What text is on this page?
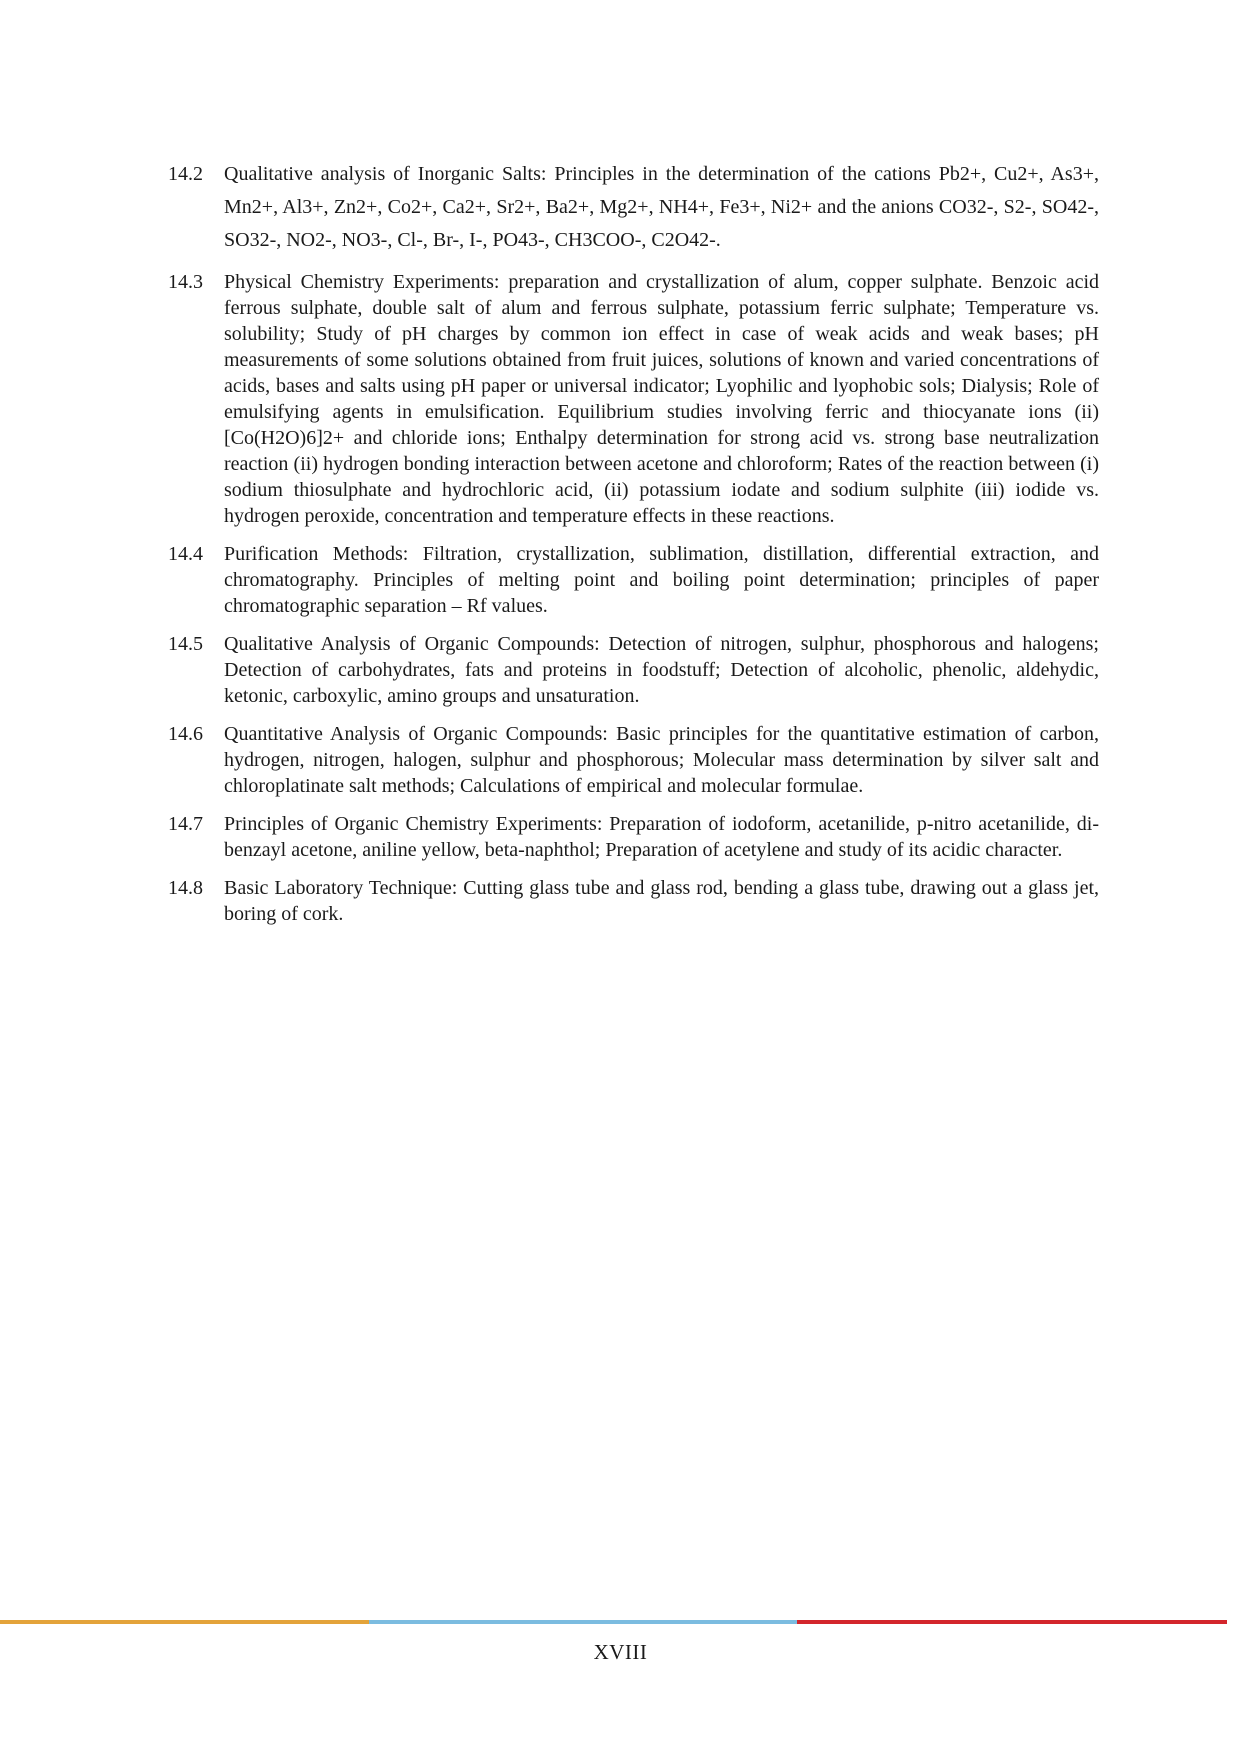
14.2	Qualitative analysis of Inorganic Salts: Principles in the determination of the cations Pb2+, Cu2+, As3+, Mn2+, Al3+, Zn2+, Co2+, Ca2+, Sr2+, Ba2+, Mg2+, NH4+, Fe3+, Ni2+ and the anions CO32-, S2-, SO42-, SO32-, NO2-, NO3-, Cl-, Br-, I-, PO43-, CH3COO-, C2O42-.
14.3	Physical Chemistry Experiments: preparation and crystallization of alum, copper sulphate. Benzoic acid ferrous sulphate, double salt of alum and ferrous sulphate, potassium ferric sulphate; Temperature vs. solubility; Study of pH charges by common ion effect in case of weak acids and weak bases; pH measurements of some solutions obtained from fruit juices, solutions of known and varied concentrations of acids, bases and salts using pH paper or universal indicator; Lyophilic and lyophobic sols; Dialysis; Role of emulsifying agents in emulsification. Equilibrium studies involving ferric and thiocyanate ions (ii) [Co(H2O)6]2+ and chloride ions; Enthalpy determination for strong acid vs. strong base neutralization reaction (ii) hydrogen bonding interaction between acetone and chloroform; Rates of the reaction between (i) sodium thiosulphate and hydrochloric acid, (ii) potassium iodate and sodium sulphite (iii) iodide vs. hydrogen peroxide, concentration and temperature effects in these reactions.
14.4	Purification Methods: Filtration, crystallization, sublimation, distillation, differential extraction, and chromatography. Principles of melting point and boiling point determination; principles of paper chromatographic separation – Rf values.
14.5	Qualitative Analysis of Organic Compounds: Detection of nitrogen, sulphur, phosphorous and halogens; Detection of carbohydrates, fats and proteins in foodstuff; Detection of alcoholic, phenolic, aldehydic, ketonic, carboxylic, amino groups and unsaturation.
14.6	Quantitative Analysis of Organic Compounds: Basic principles for the quantitative estimation of carbon, hydrogen, nitrogen, halogen, sulphur and phosphorous; Molecular mass determination by silver salt and chloroplatinate salt methods; Calculations of empirical and molecular formulae.
14.7	Principles of Organic Chemistry Experiments: Preparation of iodoform, acetanilide, p-nitro acetanilide, di-benzayl acetone, aniline yellow, beta-naphthol; Preparation of acetylene and study of its acidic character.
14.8	Basic Laboratory Technique: Cutting glass tube and glass rod, bending a glass tube, drawing out a glass jet, boring of cork.
XVIII
